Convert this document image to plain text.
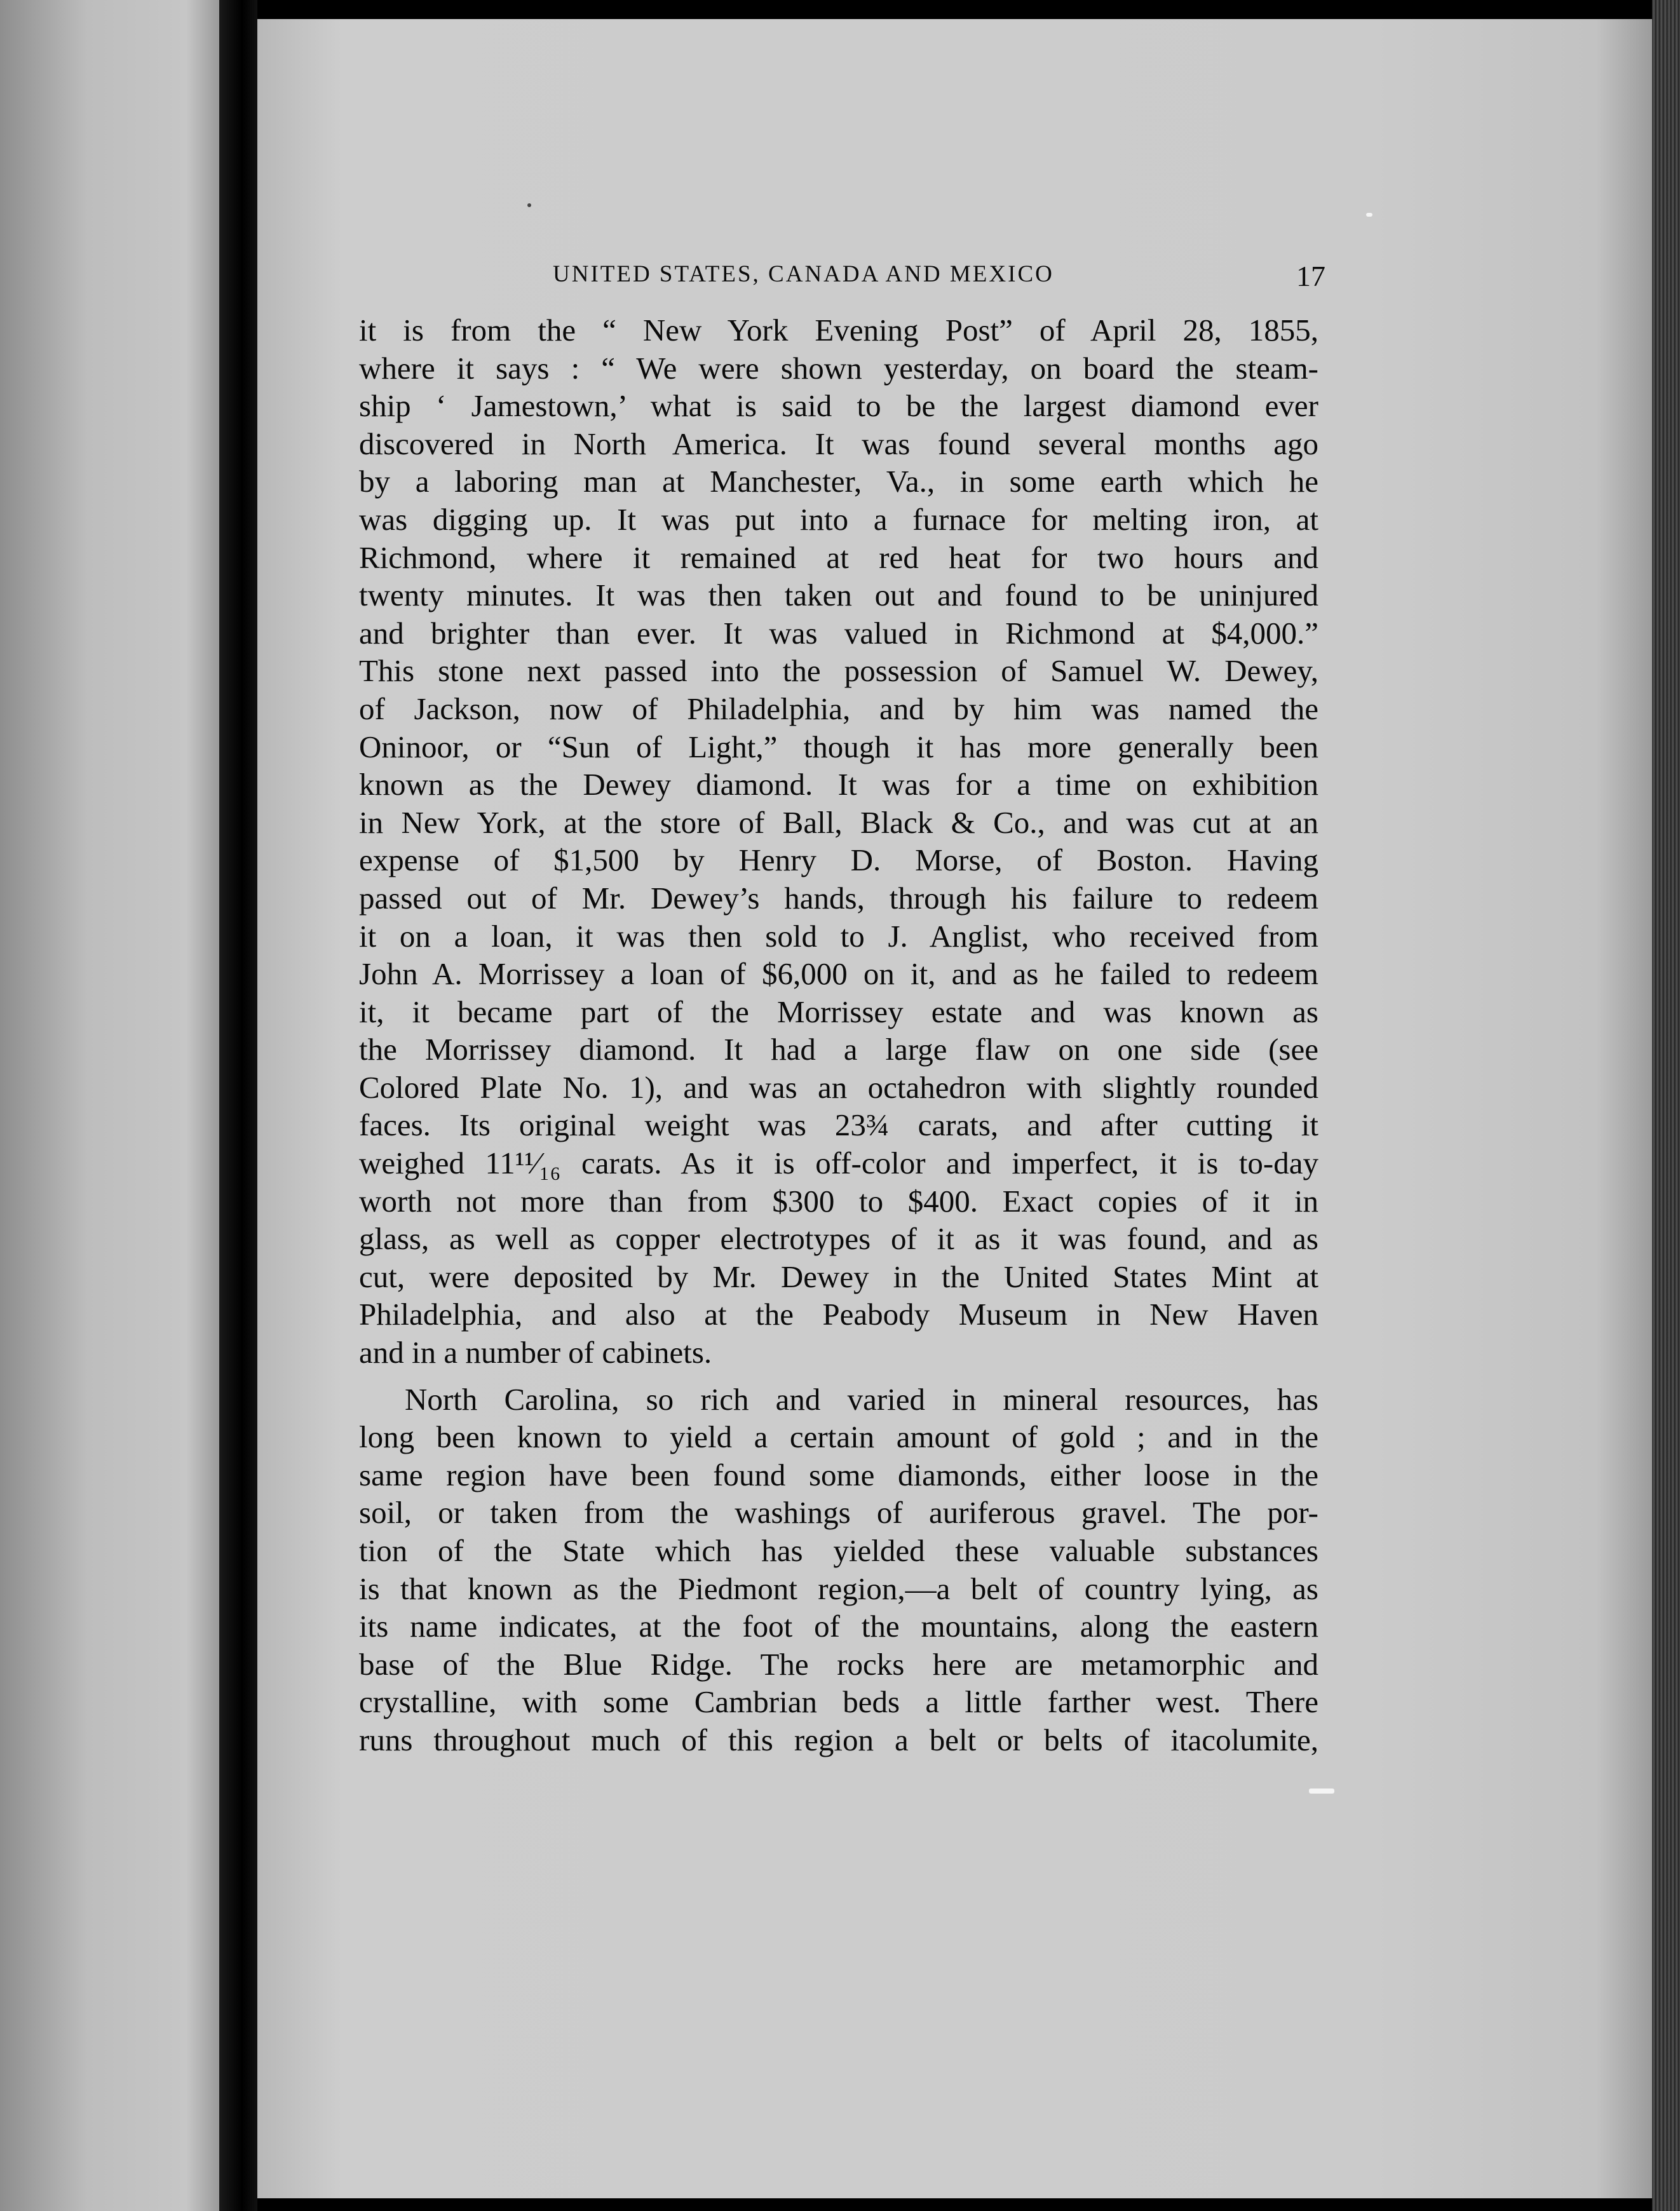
UNITED STATES, CANADA AND MEXICO	17
it is from the “ New York Evening Post” of April 28, 1855,
where it says : “ We were shown yesterday, on board the steam-
ship ‘ Jamestown,’ what is said to be the largest diamond ever
discovered in North America. It was found several months ago
by a laboring man at Manchester, Va., in some earth which he
was digging up. It was put into a furnace for melting iron, at
Richmond, where it remained at red heat for two hours and
twenty minutes. It was then taken out and found to be uninjured
and brighter than ever. It was valued in Richmond at $4,000.”
This stone next passed into the possession of Samuel W. Dewey,
of Jackson, now of Philadelphia, and by him was named the
Oninoor, or “Sun of Light,” though it has more generally been
known as the Dewey diamond. It was for a time on exhibition
in New York, at the store of Ball, Black & Co., and was cut at an
expense of $1,500 by Henry D. Morse, of Boston. Having
passed out of Mr. Dewey’s hands, through his failure to redeem
it on a loan, it was then sold to J. Anglist, who received from
John A. Morrissey a loan of $6,000 on it, and as he failed to redeem
it, it became part of the Morrissey estate and was known as
the Morrissey diamond. It had a large flaw on one side (see
Colored Plate No. 1), and was an octahedron with slightly rounded
faces. Its original weight was 23¾ carats, and after cutting it
weighed 11¹¹⁄₁₆ carats. As it is off-color and imperfect, it is to-day
worth not more than from $300 to $400. Exact copies of it in
glass, as well as copper electrotypes of it as it was found, and as
cut, were deposited by Mr. Dewey in the United States Mint at
Philadelphia, and also at the Peabody Museum in New Haven
and in a number of cabinets.
North Carolina, so rich and varied in mineral resources, has
long been known to yield a certain amount of gold ; and in the
same region have been found some diamonds, either loose in the
soil, or taken from the washings of auriferous gravel. The por-
tion of the State which has yielded these valuable substances
is that known as the Piedmont region,—a belt of country lying, as
its name indicates, at the foot of the mountains, along the eastern
base of the Blue Ridge. The rocks here are metamorphic and
crystalline, with some Cambrian beds a little farther west. There
runs throughout much of this region a belt or belts of itacolumite,
